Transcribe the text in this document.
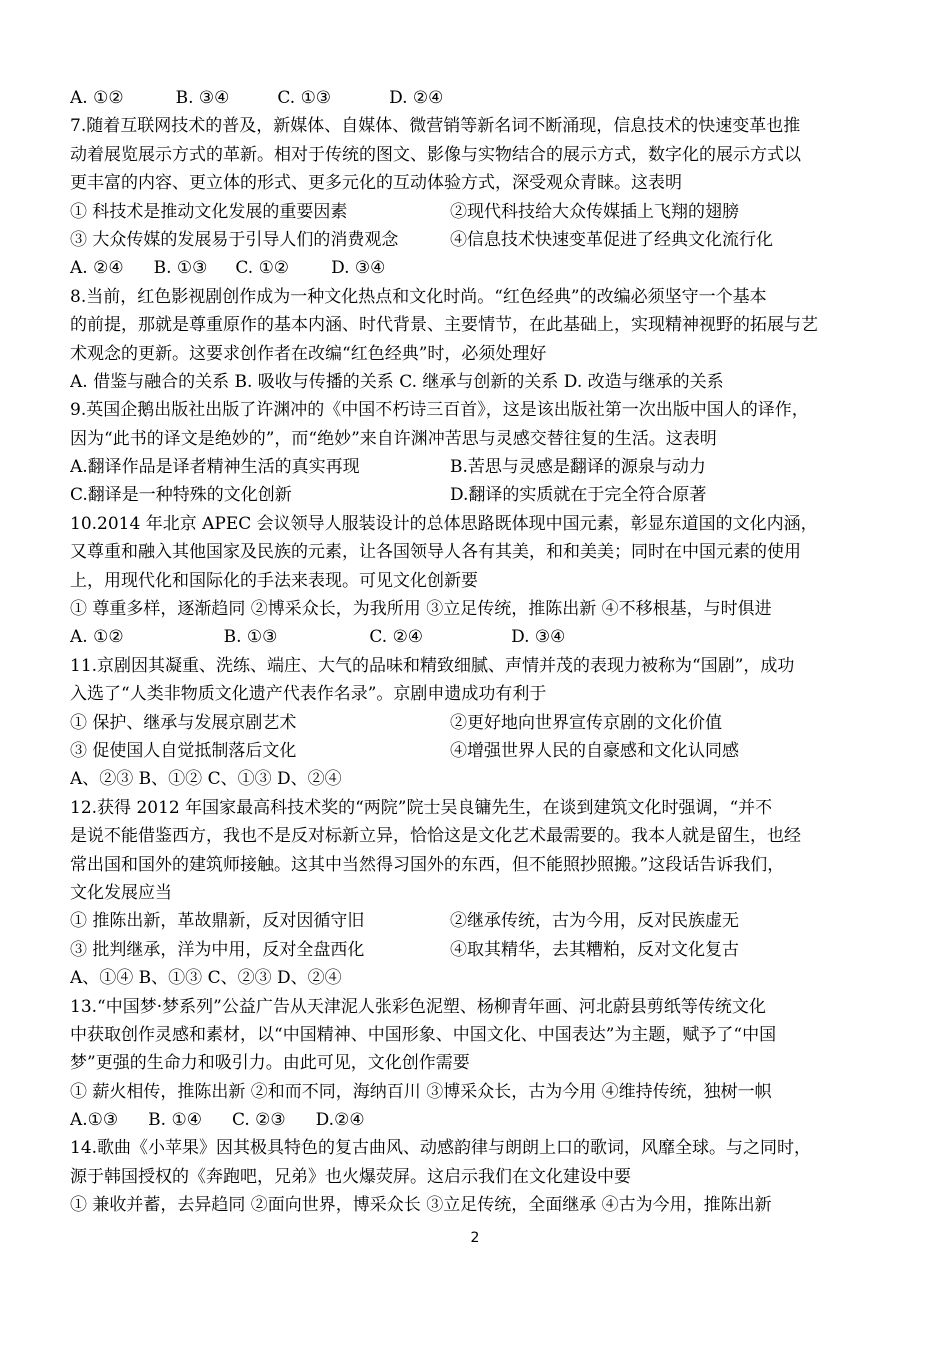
A. ①②	B. ③④	C. ①③	D. ②④
7.随着互联网技术的普及，新媒体、自媒体、微营销等新名词不断涌现，信息技术的快速变革也推
动着展览展示方式的革新。相对于传统的图文、影像与实物结合的展示方式，数字化的展示方式以
更丰富的内容、更立体的形式、更多元化的互动体验方式，深受观众青睐。这表明
① 科技术是推动文化发展的重要因素	②现代科技给大众传媒插上飞翔的翅膀
③ 大众传媒的发展易于引导人们的消费观念	④信息技术快速变革促进了经典文化流行化
A. ②④ B. ①③ C. ①② D. ③④
8.当前，红色影视剧创作成为一种文化热点和文化时尚。“红色经典”的改编必须坚守一个基本
的前提，那就是尊重原作的基本内涵、时代背景、主要情节，在此基础上，实现精神视野的拓展与艺
术观念的更新。这要求创作者在改编“红色经典”时，必须处理好
A. 借鉴与融合的关系 B. 吸收与传播的关系 C. 继承与创新的关系 D. 改造与继承的关系
9.英国企鹅出版社出版了许渊冲的《中国不朽诗三百首》，这是该出版社第一次出版中国人的译作，
因为“此书的译文是绝妙的”，而“绝妙”来自许渊冲苦思与灵感交替往复的生活。这表明
A.翻译作品是译者精神生活的真实再现	B.苦思与灵感是翻译的源泉与动力
C.翻译是一种特殊的文化创新	D.翻译的实质就在于完全符合原著
10.2014 年北京 APEC 会议领导人服装设计的总体思路既体现中国元素，彰显东道国的文化内涵，
又尊重和融入其他国家及民族的元素，让各国领导人各有其美，和和美美；同时在中国元素的使用
上，用现代化和国际化的手法来表现。可见文化创新要
① 尊重多样，逐渐趋同 ②博采众长，为我所用 ③立足传统，推陈出新 ④不移根基，与时俱进
A. ①②	B. ①③	C. ②④	D. ③④
11.京剧因其凝重、洗练、端庄、大气的品味和精致细腻、声情并茂的表现力被称为“国剧”，成功
入选了“人类非物质文化遗产代表作名录”。京剧申遗成功有利于
① 保护、继承与发展京剧艺术	②更好地向世界宣传京剧的文化价值
③ 促使国人自觉抵制落后文化	④增强世界人民的自豪感和文化认同感
A、②③ B、①② C、①③ D、②④
12.获得 2012 年国家最高科技术奖的“两院”院士吴良镛先生，在谈到建筑文化时强调，“并不
是说不能借鉴西方，我也不是反对标新立异，恰恰这是文化艺术最需要的。我本人就是留生，也经
常出国和国外的建筑师接触。这其中当然得习国外的东西，但不能照抄照搬。”这段话告诉我们，
文化发展应当
① 推陈出新，革故鼎新，反对因循守旧	②继承传统，古为今用，反对民族虚无
③ 批判继承，洋为中用，反对全盘西化	④取其精华，去其糟粕，反对文化复古
A、①④ B、①③ C、②③ D、②④
13.“中国梦·梦系列”公益广告从天津泥人张彩色泥塑、杨柳青年画、河北蔚县剪纸等传统文化
中获取创作灵感和素材，以“中国精神、中国形象、中国文化、中国表达”为主题，赋予了“中国
梦”更强的生命力和吸引力。由此可见，文化创作需要
① 薪火相传，推陈出新 ②和而不同，海纳百川 ③博采众长，古为今用 ④维持传统，独树一帜
A.①③ B. ①④ C. ②③ D.②④
14.歌曲《小苹果》因其极具特色的复古曲风、动感韵律与朗朗上口的歌词，风靡全球。与之同时，
源于韩国授权的《奔跑吧，兄弟》也火爆荧屏。这启示我们在文化建设中要
① 兼收并蓄，去异趋同 ②面向世界，博采众长 ③立足传统，全面继承 ④古为今用，推陈出新
2
